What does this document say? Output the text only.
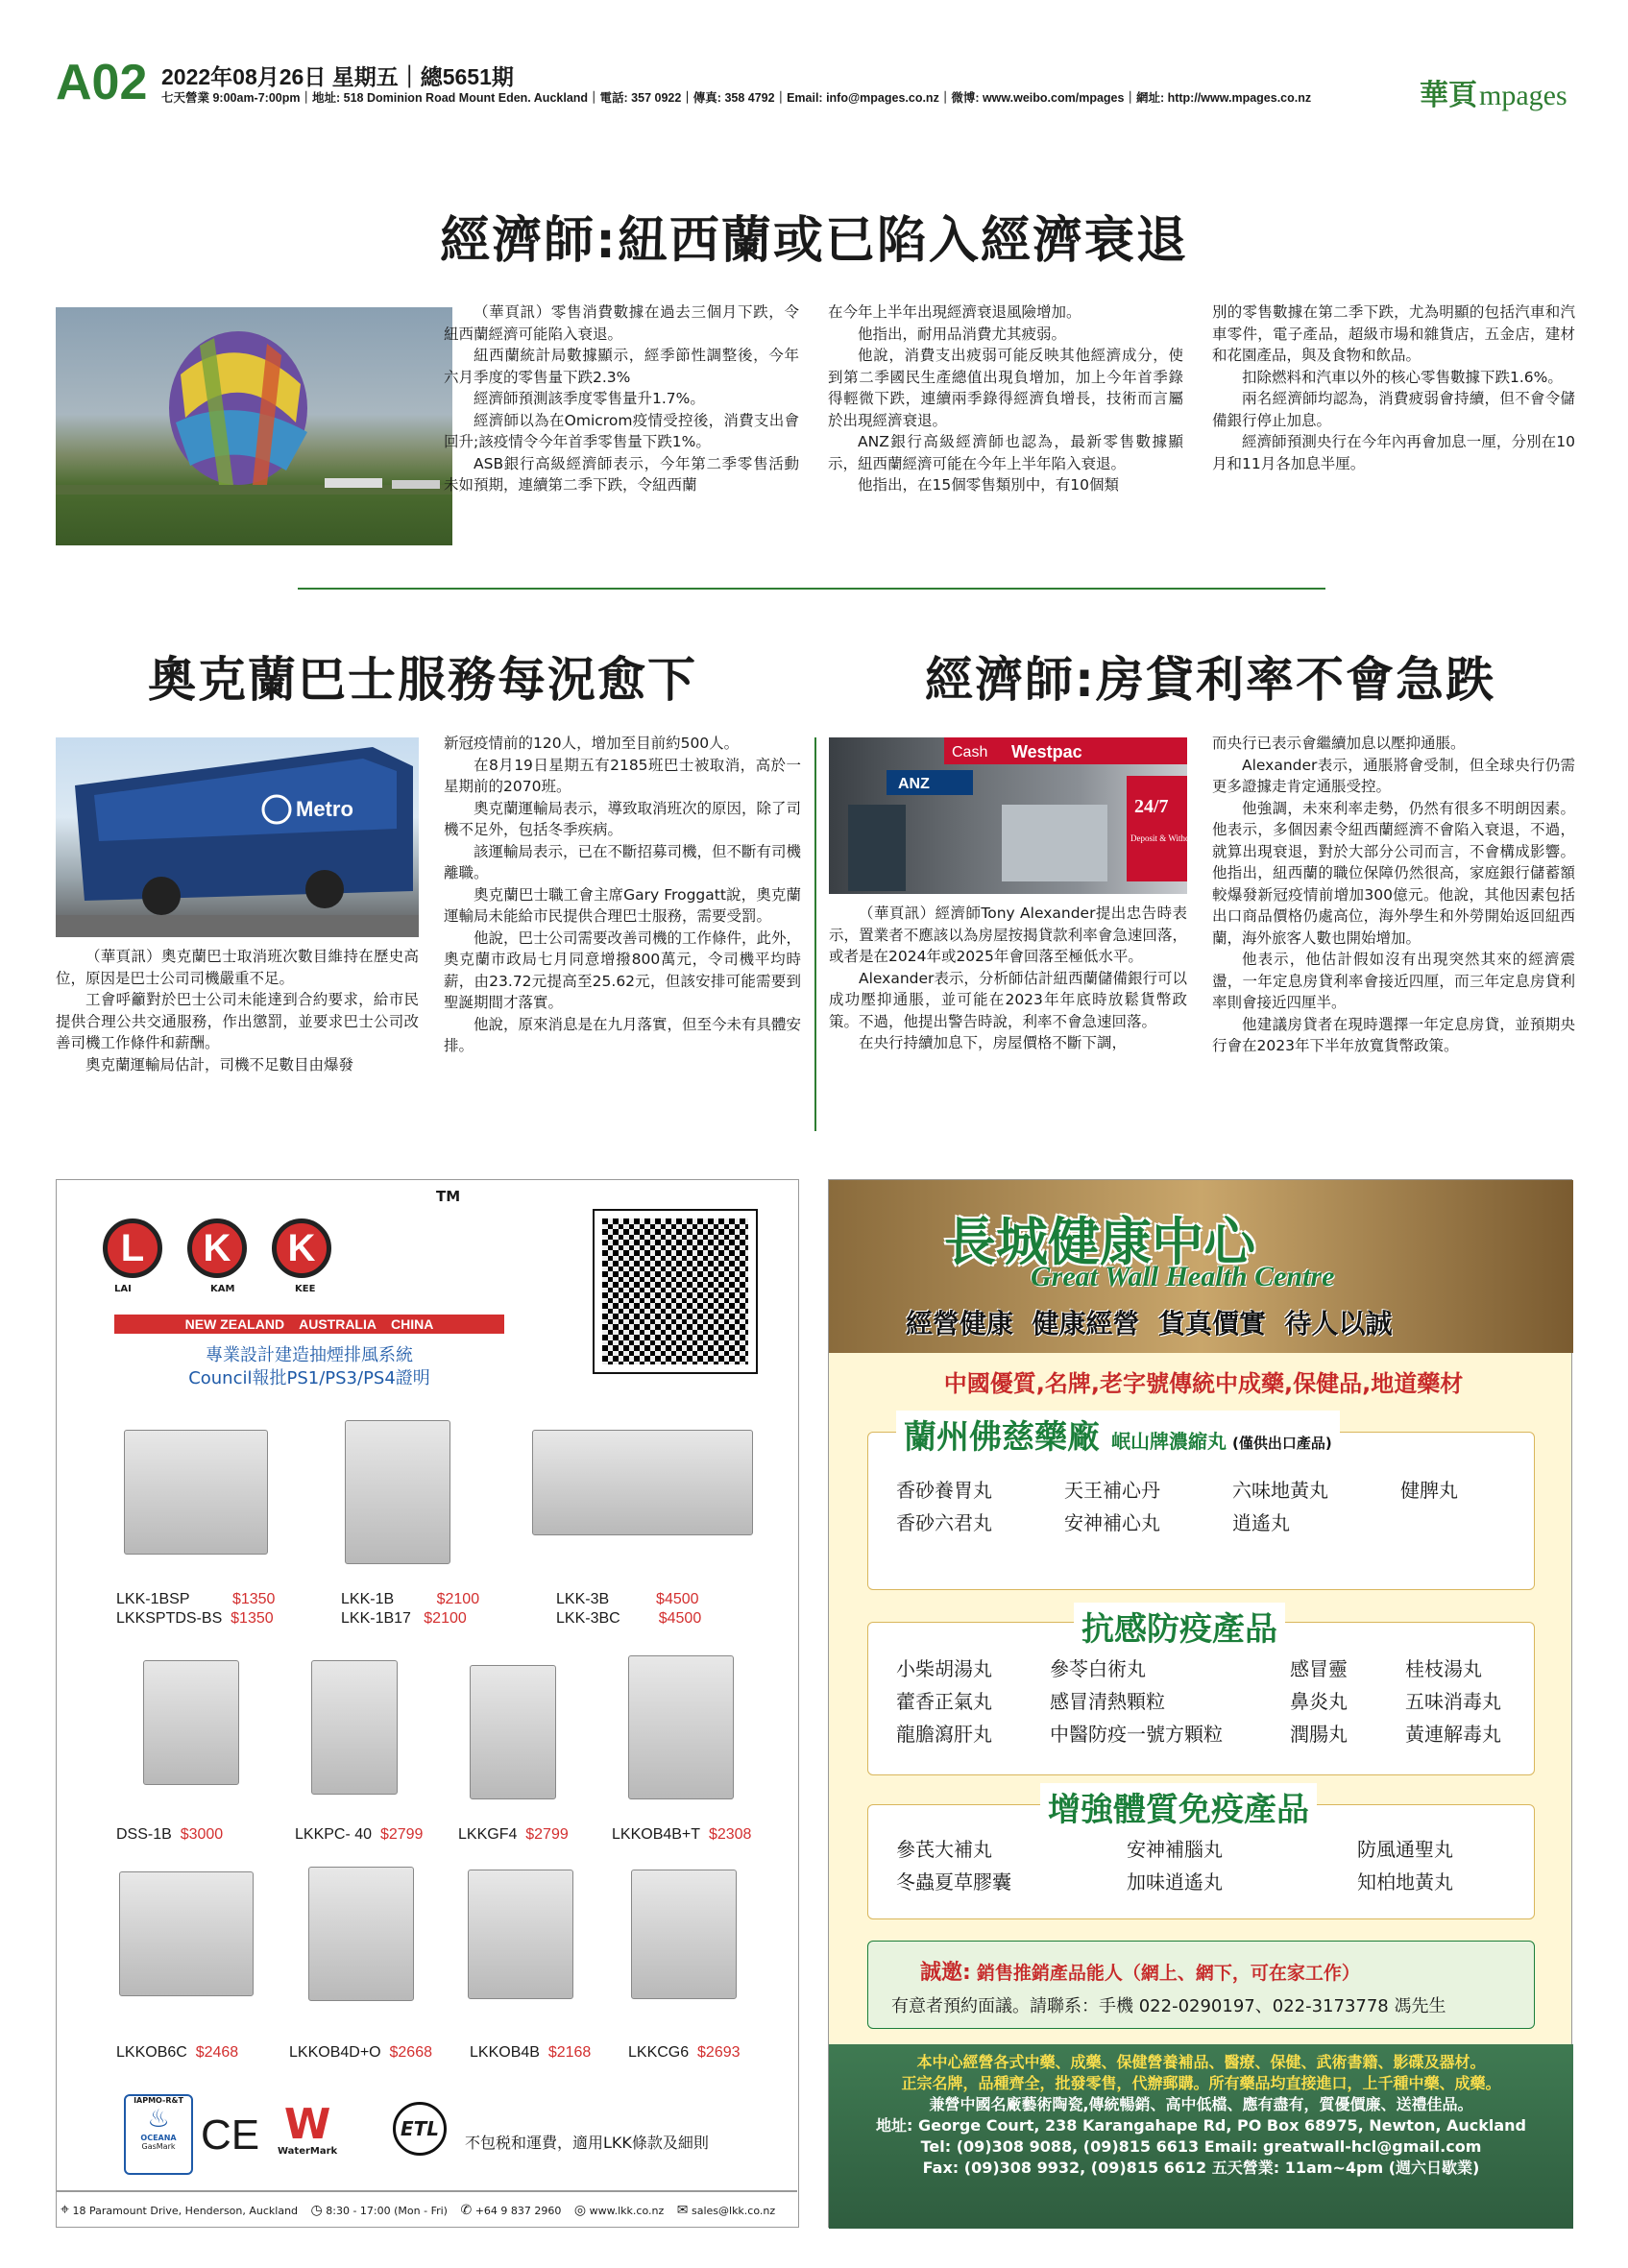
A02 2022年08月26日 星期五｜總5651期
七天營業 9:00am-7:00pm｜地址: 518 Dominion Road Mount Eden. Auckland｜電話: 357 0922｜傳真: 358 4792｜Email: info@mpages.co.nz｜微博: www.weibo.com/mpages｜網址: http://www.mpages.co.nz	華頁mpages
經濟師:紐西蘭或已陷入經濟衰退

（華頁訊）零售消費數據在過去三個月下跌，令紐西蘭經濟可能陷入衰退。

紐西蘭統計局數據顯示，經季節性調整後，今年六月季度的零售量下跌2.3%

經濟師預測該季度零售量升1.7%。

經濟師以為在Omicrom疫情受控後，消費支出會回升;該疫情令今年首季零售量下跌1%。

ASB銀行高級經濟師表示，今年第二季零售活動未如預期，連續第二季下跌，令紐西蘭

在今年上半年出現經濟衰退風險增加。

他指出，耐用品消費尤其疲弱。

他說，消費支出疲弱可能反映其他經濟成分，使到第二季國民生產總值出現負增加，加上今年首季錄得輕微下跌，連續兩季錄得經濟負增長，技術而言屬於出現經濟衰退。

ANZ銀行高級經濟師也認為，最新零售數據顯示，紐西蘭經濟可能在今年上半年陷入衰退。

他指出，在15個零售類別中，有10個類

別的零售數據在第二季下跌，尤為明顯的包括汽車和汽車零件，電子產品，超級市場和雜貨店，五金店，建材和花園產品，與及食物和飲品。

扣除燃料和汽車以外的核心零售數據下跌1.6%。

兩名經濟師均認為，消費疲弱會持續，但不會令儲備銀行停止加息。

經濟師預測央行在今年內再會加息一厘，分別在10月和11月各加息半厘。

奧克蘭巴士服務每況愈下
Metro

（華頁訊）奧克蘭巴士取消班次數目維持在歷史高位，原因是巴士公司司機嚴重不足。

工會呼籲對於巴士公司未能達到合約要求，給市民提供合理公共交通服務，作出懲罰，並要求巴士公司改善司機工作條件和薪酬。

奧克蘭運輸局估計，司機不足數目由爆發

新冠疫情前的120人，增加至目前約500人。

在8月19日星期五有2185班巴士被取消，高於一星期前的2070班。

奧克蘭運輸局表示，導致取消班次的原因，除了司機不足外，包括冬季疾病。

該運輸局表示，已在不斷招募司機，但不斷有司機離職。

奧克蘭巴士職工會主席Gary Froggatt說，奧克蘭運輸局未能給市民提供合理巴士服務，需要受罰。

他說，巴士公司需要改善司機的工作條件，此外，奧克蘭市政局七月同意增撥800萬元，令司機平均時薪，由23.72元提高至25.62元，但該安排可能需要到聖誕期間才落實。

他說，原來消息是在九月落實，但至今未有具體安排。

經濟師:房貸利率不會急跌
Cash Westpac
ANZ
24/7
Deposit & Withdrawal

（華頁訊）經濟師Tony Alexander提出忠告時表示，置業者不應該以為房屋按揭貸款利率會急速回落，或者是在2024年或2025年會回落至極低水平。

Alexander表示，分析師估計紐西蘭儲備銀行可以成功壓抑通脹，並可能在2023年年底時放鬆貨幣政策。不過，他提出警告時說，利率不會急速回落。

在央行持續加息下，房屋價格不斷下調，

而央行已表示會繼續加息以壓抑通脹。

Alexander表示，通脹將會受制，但全球央行仍需更多證據走肯定通脹受控。

他強調，未來利率走勢，仍然有很多不明朗因素。他表示，多個因素令紐西蘭經濟不會陷入衰退，不過，就算出現衰退，對於大部分公司而言，不會構成影響。他指出，紐西蘭的職位保障仍然很高，家庭銀行儲蓄額較爆發新冠疫情前增加300億元。他說，其他因素包括出口商品價格仍處高位，海外學生和外勞開始返回紐西蘭，海外旅客人數也開始增加。

他表示，他估計假如沒有出現突然其來的經濟震盪，一年定息房貸利率會接近四厘，而三年定息房貸利率則會接近四厘半。

他建議房貸者在現時選擇一年定息房貸，並預期央行會在2023年下半年放寬貨幣政策。

TM
L	K	K
LAI	KAM	KEE
NEW ZEALAND    AUSTRALIA    CHINA
專業設計建造抽煙排風系統
Council報批PS1/PS3/PS4證明
LKK-1BSP	$1350
LKKSPTDS-BS $1350
LKK-1B	$2100
LKK-1B17 $2100
LKK-3B	$4500
LKK-3BC	$4500
DSS-1B $3000	LKKPC- 40 $2799 LKKGF4 $2799	LKKOB4B+T $2308
LKKOB6C $2468	LKKOB4D+O $2668 LKKOB4B $2168 LKKCG6 $2693
IAPMO-R&T
♨
OCEANA
GasMark CE W
WaterMark
ETL
不包税和運費，適用LKK條款及細則
⌖ 18 Paramount Drive, Henderson, Auckland ◷ 8:30 - 17:00 (Mon - Fri) ✆ +64 9 837 2960 ◎ www.lkk.co.nz ✉ sales@lkk.co.nz
長城健康中心
Great Wall Health Centre
經營健康  健康經營  貨真價實  待人以誠
中國優質,名牌,老字號傳統中成藥,保健品,地道藥材
蘭州佛慈藥廠 岷山牌濃縮丸 (僅供出口產品)
香砂養胃丸	天王補心丹	六味地黃丸	健脾丸
香砂六君丸	安神補心丸	逍遙丸
抗感防疫產品
小柴胡湯丸	參苓白術丸	感冒靈	桂枝湯丸
藿香正氣丸	感冒清熱顆粒	鼻炎丸	五味消毒丸
龍膽瀉肝丸	中醫防疫一號方顆粒	潤腸丸	黃連解毒丸
增強體質免疫產品
參芪大補丸	安神補腦丸	防風通聖丸
冬蟲夏草膠囊	加味逍遙丸	知柏地黃丸
誠邀: 銷售推銷產品能人（網上、網下，可在家工作）
有意者預約面議。請聯系：手機 022-0290197、022-3173778 馮先生
本中心經營各式中藥、成藥、保健營養補品、醫療、保健、武術書籍、影碟及器材。
正宗名牌，品種齊全，批發零售，代辦郵購。所有藥品均直接進口，上千種中藥、成藥。
兼營中國名廠藝術陶瓷,傳統暢銷、高中低檔、應有盡有，質優價廉、送禮佳品。
地址: George Court, 238 Karangahape Rd, PO Box 68975, Newton, Auckland
Tel: (09)308 9088, (09)815 6613 Email: greatwall-hcl@gmail.com
Fax: (09)308 9932, (09)815 6612 五天營業: 11am~4pm (週六日歇業)
